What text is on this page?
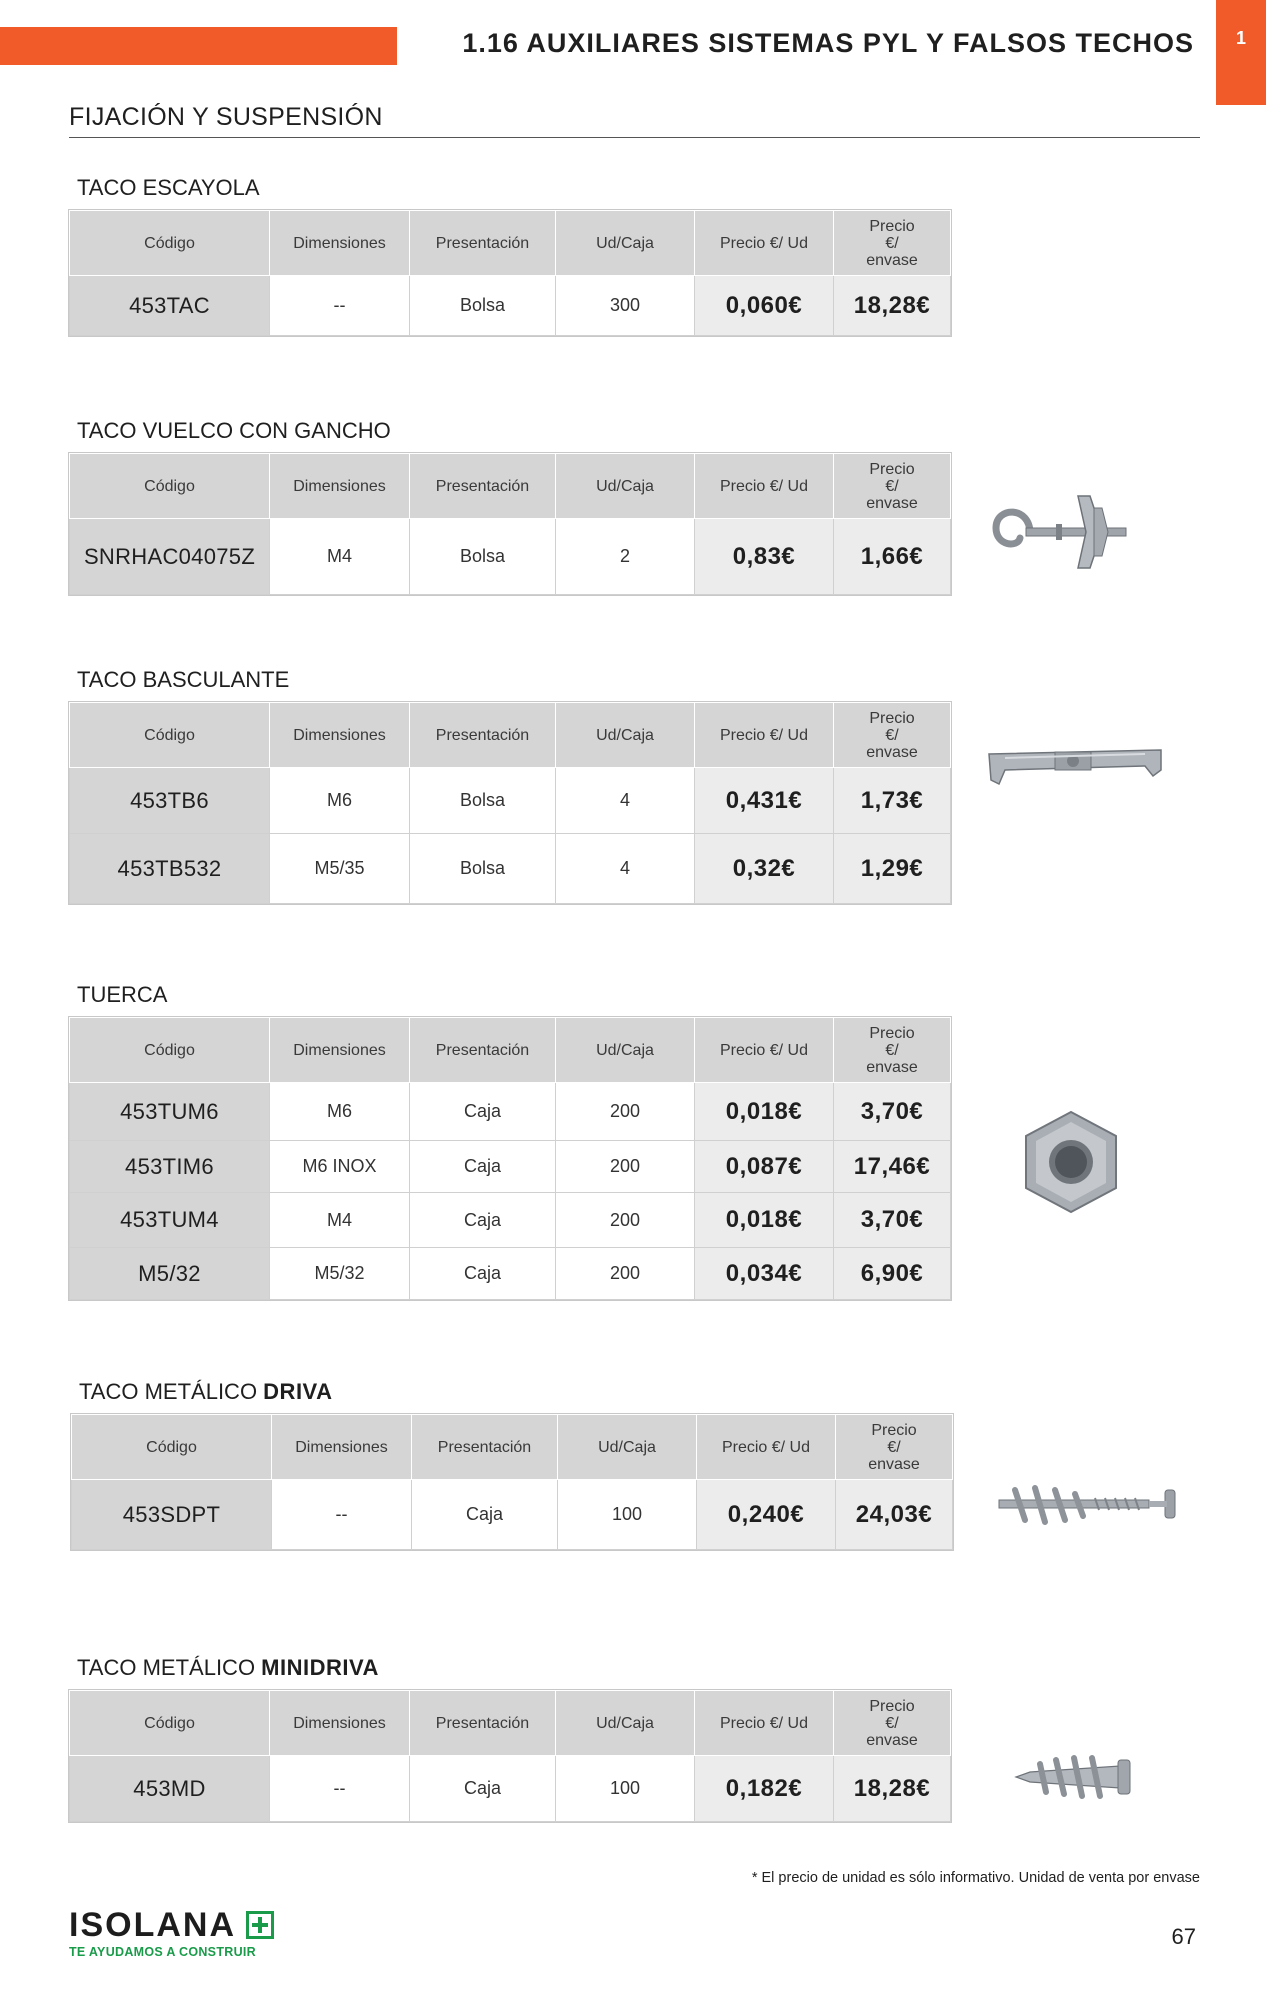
1.16 AUXILIARES SISTEMAS PYL Y FALSOS TECHOS	1
FIJACIÓN Y SUSPENSIÓN
TACO ESCAYOLA
Código	Dimensiones	Presentación	Ud/Caja	Precio €/ Ud	Precio €/ envase
453TAC	--	Bolsa	300	0,060€	18,28€
TACO VUELCO CON GANCHO
Código	Dimensiones	Presentación	Ud/Caja	Precio €/ Ud	Precio €/ envase
SNRHAC04075Z	M4	Bolsa	2	0,83€	1,66€
TACO BASCULANTE
Código	Dimensiones	Presentación	Ud/Caja	Precio €/ Ud	Precio €/ envase
453TB6	M6	Bolsa	4	0,431€	1,73€
453TB532	M5/35	Bolsa	4	0,32€	1,29€
TUERCA
Código	Dimensiones	Presentación	Ud/Caja	Precio €/ Ud	Precio €/ envase
453TUM6	M6	Caja	200	0,018€	3,70€
453TIM6	M6 INOX	Caja	200	0,087€	17,46€
453TUM4	M4	Caja	200	0,018€	3,70€
M5/32	M5/32	Caja	200	0,034€	6,90€
TACO METÁLICO DRIVA
Código	Dimensiones	Presentación	Ud/Caja	Precio €/ Ud	Precio €/ envase
453SDPT	--	Caja	100	0,240€	24,03€
TACO METÁLICO MINIDRIVA
Código	Dimensiones	Presentación	Ud/Caja	Precio €/ Ud	Precio €/ envase
453MD	--	Caja	100	0,182€	18,28€
* El precio de unidad es sólo informativo. Unidad de venta por envase
ISOLANA
TE AYUDAMOS A CONSTRUIR
67
